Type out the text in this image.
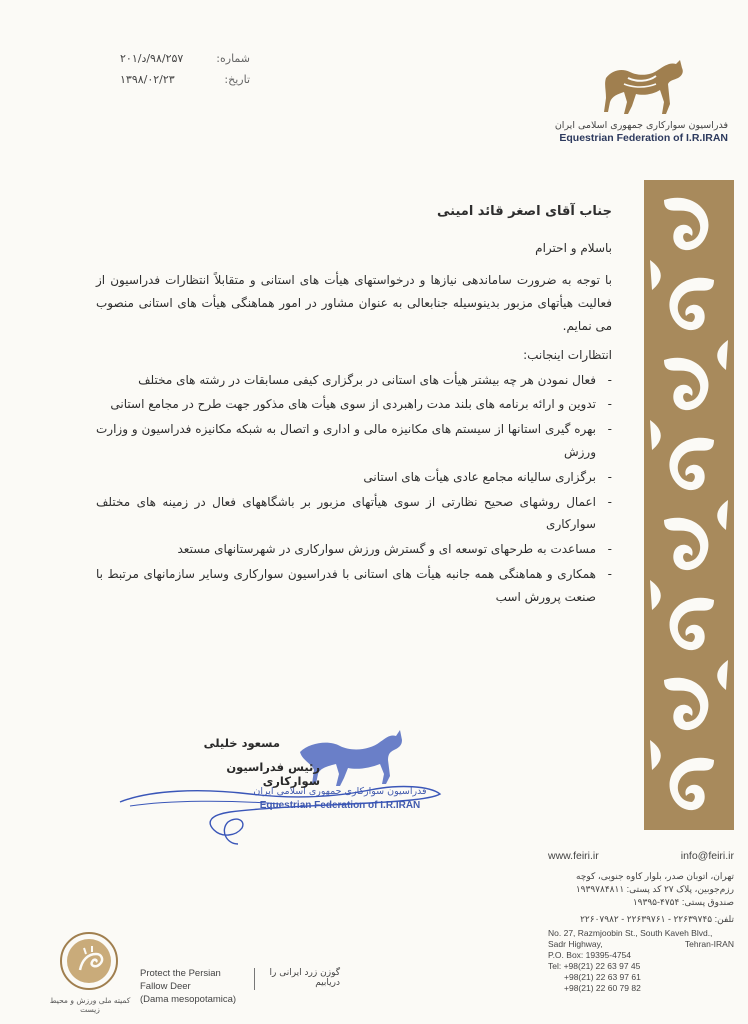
شماره:
۹۸/۲۵۷/د/۲۰۱
تاریخ:
۱۳۹۸/۰۲/۲۳
فدراسیون سوارکاری جمهوری اسلامی ایران
Equestrian Federation of I.R.IRAN
جناب آقای اصغر قائد امینی
باسلام و احترام
با توجه به ضرورت ساماندهی نیازها و درخواستهای هیأت های استانی و متقابلاً انتظارات فدراسیون از فعالیت هیأتهای مزبور بدینوسیله جنابعالی به عنوان مشاور در امور هماهنگی هیأت های استانی منصوب می نمایم.
انتظارات اینجانب:
- فعال نمودن هر چه بیشتر هیأت های استانی در برگزاری کیفی مسابقات در رشته های مختلف
- تدوین و ارائه برنامه های بلند مدت راهبردی از سوی هیأت های مذکور جهت طرح در مجامع استانی
- بهره گیری استانها از سیستم های مکانیزه مالی و اداری و اتصال به شبکه مکانیزه فدراسیون و وزارت ورزش
- برگزاری سالیانه مجامع عادی هیأت های استانی
- اعمال روشهای صحیح نظارتی از سوی هیأتهای مزبور بر باشگاههای فعال در زمینه های مختلف سوارکاری
- مساعدت به طرحهای توسعه ای و گسترش ورزش سوارکاری در شهرستانهای مستعد
- همکاری و هماهنگی همه جانبه هیأت های استانی با فدراسیون سوارکاری وسایر سازمانهای مرتبط با صنعت پرورش اسب
فدراسیون سوارکاری جمهوری اسلامی ایران
Equestrian Federation of I.R.IRAN
مسعود خلیلی
رئیس فدراسیون سوارکاری
www.feiri.ir	info@feiri.ir
تهران، اتوبان صدر، بلوار کاوه جنوبی، کوچه رزم‌جوبین، پلاک ۲۷ کد پستی: ۱۹۳۹۷۸۴۸۱۱
صندوق پستی: ۴۷۵۴-۱۹۳۹۵
تلفن: ۲۲۶۳۹۷۴۵ - ۲۲۶۳۹۷۶۱ - ۲۲۶۰۷۹۸۲
No. 27, Razmjoobin St., South Kaveh Blvd.,
Sadr Highway,	Tehran-IRAN
P.O. Box: 19395-4754
Tel: +98(21) 22 63 97 45
+98(21) 22 63 97 61
+98(21) 22 60 79 82
کمیته ملی ورزش و محیط زیست
Protect the Persian Fallow Deer
(Dama mesopotamica)
گوزن زرد ایرانی را دریابیم
